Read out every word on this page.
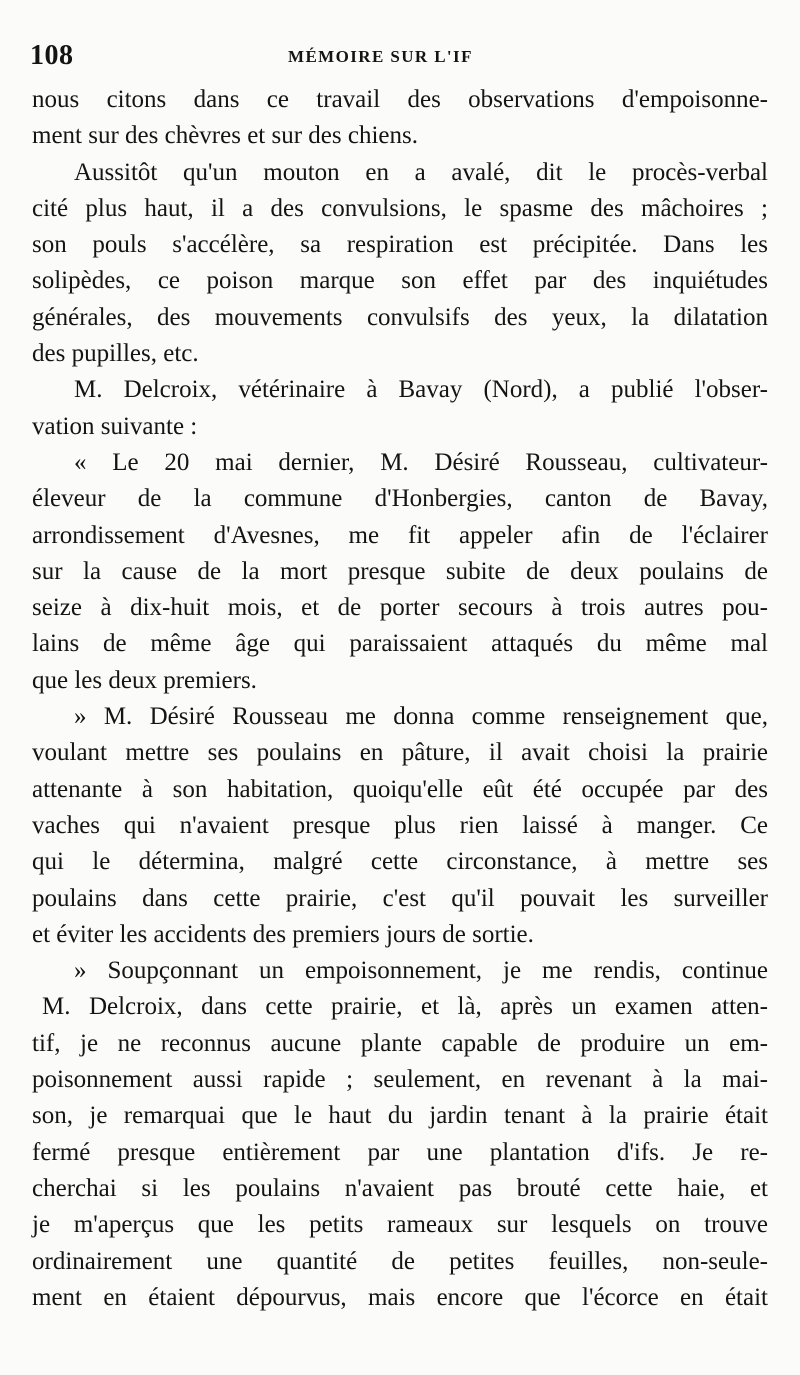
108	MÉMOIRE SUR L'IF
nous citons dans ce travail des observations d'empoisonne-
ment sur des chèvres et sur des chiens.
Aussitôt qu'un mouton en a avalé, dit le procès-verbal
cité plus haut, il a des convulsions, le spasme des mâchoires ;
son pouls s'accélère, sa respiration est précipitée. Dans les
solipèdes, ce poison marque son effet par des inquiétudes
générales, des mouvements convulsifs des yeux, la dilatation
des pupilles, etc.
M. Delcroix, vétérinaire à Bavay (Nord), a publié l'obser-
vation suivante :
« Le 20 mai dernier, M. Désiré Rousseau, cultivateur-
éleveur de la commune d'Honbergies, canton de Bavay,
arrondissement d'Avesnes, me fit appeler afin de l'éclairer
sur la cause de la mort presque subite de deux poulains de
seize à dix-huit mois, et de porter secours à trois autres pou-
lains de même âge qui paraissaient attaqués du même mal
que les deux premiers.
» M. Désiré Rousseau me donna comme renseignement que,
voulant mettre ses poulains en pâture, il avait choisi la prairie
attenante à son habitation, quoiqu'elle eût été occupée par des
vaches qui n'avaient presque plus rien laissé à manger. Ce
qui le détermina, malgré cette circonstance, à mettre ses
poulains dans cette prairie, c'est qu'il pouvait les surveiller
et éviter les accidents des premiers jours de sortie.
» Soupçonnant un empoisonnement, je me rendis, continue
M. Delcroix, dans cette prairie, et là, après un examen atten-
tif, je ne reconnus aucune plante capable de produire un em-
poisonnement aussi rapide ; seulement, en revenant à la mai-
son, je remarquai que le haut du jardin tenant à la prairie était
fermé presque entièrement par une plantation d'ifs. Je re-
cherchai si les poulains n'avaient pas brouté cette haie, et
je m'aperçus que les petits rameaux sur lesquels on trouve
ordinairement une quantité de petites feuilles, non-seule-
ment en étaient dépourvus, mais encore que l'écorce en était
